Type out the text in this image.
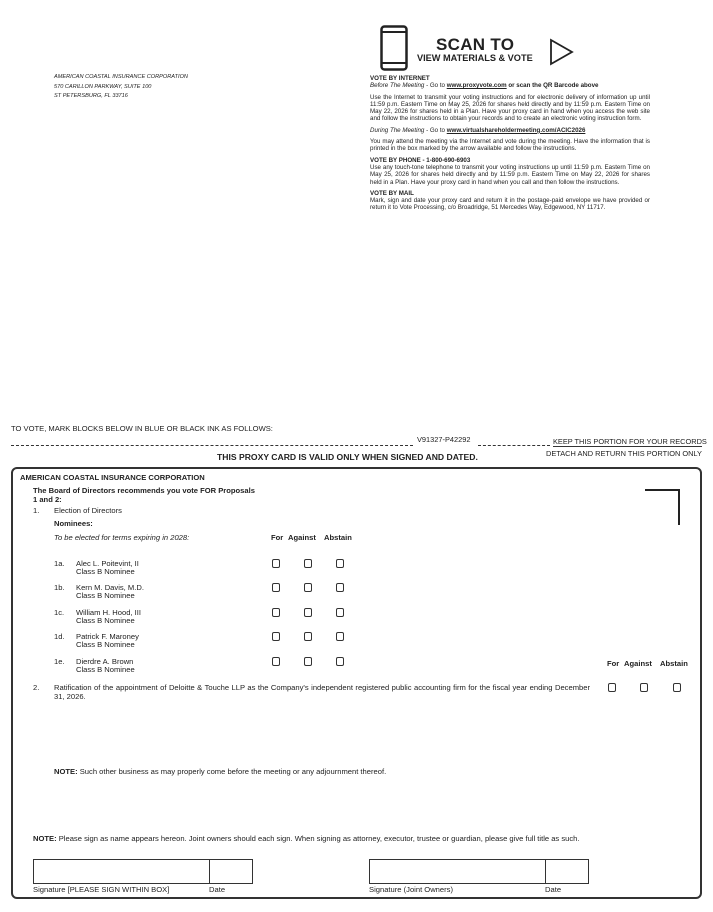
SCAN TO
VIEW MATERIALS & VOTE
AMERICAN COASTAL INSURANCE CORPORATION
570 CARILLON PARKWAY, SUITE 100
ST PETERSBURG, FL 33716
VOTE BY INTERNET
Before The Meeting - Go to www.proxyvote.com or scan the QR Barcode above
Use the Internet to transmit your voting instructions and for electronic delivery of information up until 11:59 p.m. Eastern Time on May 25, 2026 for shares held directly and by 11:59 p.m. Eastern Time on May 22, 2026 for shares held in a Plan. Have your proxy card in hand when you access the web site and follow the instructions to obtain your records and to create an electronic voting instruction form.
During The Meeting - Go to www.virtualshareholdermeeting.com/ACIC2026
You may attend the meeting via the Internet and vote during the meeting. Have the information that is printed in the box marked by the arrow available and follow the instructions.
VOTE BY PHONE - 1-800-690-6903
Use any touch-tone telephone to transmit your voting instructions up until 11:59 p.m. Eastern Time on May 25, 2026 for shares held directly and by 11:59 p.m. Eastern Time on May 22, 2026 for shares held in a Plan. Have your proxy card in hand when you call and then follow the instructions.
VOTE BY MAIL
Mark, sign and date your proxy card and return it in the postage-paid envelope we have provided or return it to Vote Processing, c/o Broadridge, 51 Mercedes Way, Edgewood, NY 11717.
TO VOTE, MARK BLOCKS BELOW IN BLUE OR BLACK INK AS FOLLOWS:
V91327-P42292	KEEP THIS PORTION FOR YOUR RECORDS
THIS PROXY CARD IS VALID ONLY WHEN SIGNED AND DATED.	DETACH AND RETURN THIS PORTION ONLY
AMERICAN COASTAL INSURANCE CORPORATION
The Board of Directors recommends you vote FOR Proposals
1 and 2:
1. Election of Directors
Nominees:
To be elected for terms expiring in 2028:	For Against Abstain
1a. Alec L. Poitevint, II
Class B Nominee
1b. Kern M. Davis, M.D.
Class B Nominee
1c. William H. Hood, III
Class B Nominee
1d. Patrick F. Maroney
Class B Nominee
1e. Dierdre A. Brown
Class B Nominee
For Against Abstain
2. Ratification of the appointment of Deloitte & Touche LLP as the Company's independent registered public accounting firm for the fiscal year ending December 31, 2026.
NOTE: Such other business as may properly come before the meeting or any adjournment thereof.
NOTE: Please sign as name appears hereon. Joint owners should each sign. When signing as attorney, executor, trustee or guardian, please give full title as such.
Signature [PLEASE SIGN WITHIN BOX]	Date	Signature (Joint Owners)	Date
